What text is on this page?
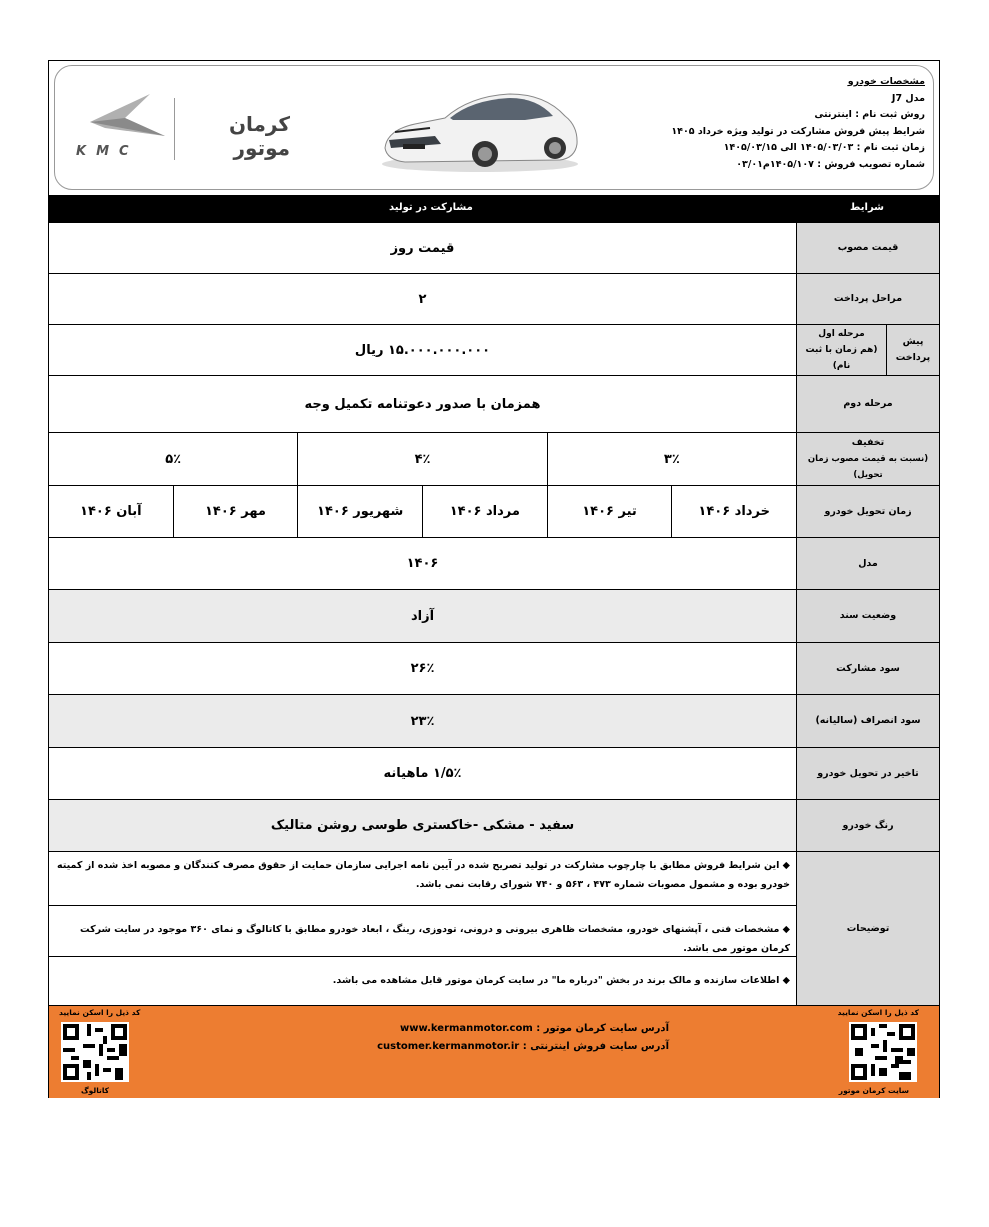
مشخصات خودرو
مدل J7
روش ثبت نام : اینترنتی
شرایط پیش فروش مشارکت در تولید ویژه خرداد ۱۴۰۵
زمان ثبت نام : ۱۴۰۵/۰۳/۰۳ الی ۱۴۰۵/۰۳/۱۵
شماره تصویب فروش : ۱۴۰۵/۱۰۷م۰۳/۰۱
KMC
کرمان موتور
شرایط
مشارکت در تولید
قیمت مصوب
قیمت روز
مراحل پرداخت
۲
پیش پرداخت
مرحله اول
(هم زمان با ثبت نام)
۱۵.۰۰۰.۰۰۰.۰۰۰ ریال
مرحله دوم
همزمان با صدور دعوتنامه تکمیل وجه
تخفیف
(نسبت به قیمت مصوب زمان تحویل)
۳٪
۴٪
۵٪
زمان تحویل خودرو
خرداد ۱۴۰۶
تیر ۱۴۰۶
مرداد ۱۴۰۶
شهریور ۱۴۰۶
مهر ۱۴۰۶
آبان ۱۴۰۶
مدل
۱۴۰۶
وضعیت سند
آزاد
سود مشارکت
۲۶٪
سود انصراف (سالیانه)
۲۳٪
تاخیر در تحویل خودرو
۱/۵٪ ماهیانه
رنگ خودرو
سفید - مشکی -خاکستری طوسی روشن متالیک
توضیحات
◆ این شرایط فروش مطابق با چارچوب مشارکت در تولید تصریح شده در آیین نامه اجرایی سازمان حمایت از حقوق مصرف کنندگان و مصوبه اخذ شده از کمیته خودرو بوده و مشمول مصوبات شماره ۴۷۳ ، ۵۶۳ و ۷۴۰ شورای رقابت نمی باشد.
◆ مشخصات فنی ، آپشنهای خودرو، مشخصات ظاهری بیرونی و درونی، تودوزی، رینگ ، ابعاد خودرو مطابق با کاتالوگ و نمای ۳۶۰ موجود در سایت شرکت کرمان موتور می باشد.
◆ اطلاعات سازنده و مالک برند در بخش "درباره ما" در سایت کرمان موتور قابل مشاهده می باشد.
کد ذیل را اسکن نمایید
سایت کرمان موتور
آدرس سایت کرمان موتور : www.kermanmotor.com
آدرس سایت فروش اینترنتی : customer.kermanmotor.ir
کد ذیل را اسکن نمایید
کاتالوگ
